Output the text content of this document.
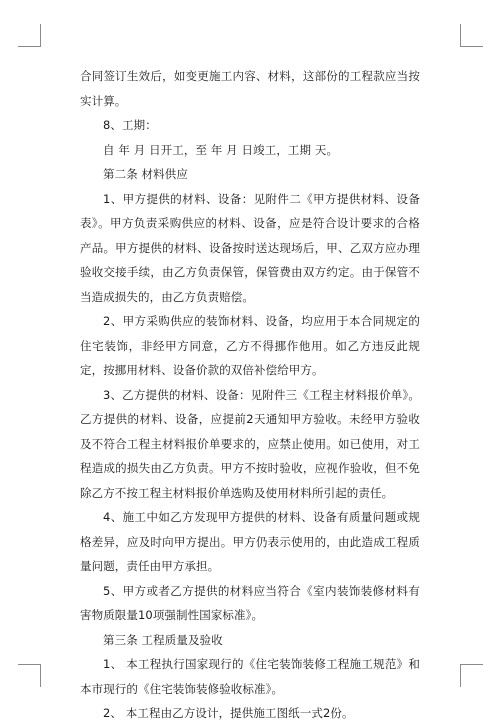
合同签订生效后，如变更施工内容、材料，这部份的工程款应当按实计算。

8、工期：

自 年 月 日开工，至 年 月 日竣工，工期 天。

第二条 材料供应

1、甲方提供的材料、设备：见附件二《甲方提供材料、设备表》。甲方负责采购供应的材料、设备，应是符合设计要求的合格产品。甲方提供的材料、设备按时送达现场后，甲、乙双方应办理验收交接手续，由乙方负责保管，保管费由双方约定。由于保管不当造成损失的，由乙方负责赔偿。

2、甲方采购供应的装饰材料、设备，均应用于本合同规定的住宅装饰，非经甲方同意，乙方不得挪作他用。如乙方违反此规定，按挪用材料、设备价款的双倍补偿给甲方。

3、乙方提供的材料、设备：见附件三《工程主材料报价单》。乙方提供的材料、设备，应提前2天通知甲方验收。未经甲方验收及不符合工程主材料报价单要求的，应禁止使用。如已使用，对工程造成的损失由乙方负责。甲方不按时验收，应视作验收，但不免除乙方不按工程主材料报价单选购及使用材料所引起的责任。

4、施工中如乙方发现甲方提供的材料、设备有质量问题或规格差异，应及时向甲方提出。甲方仍表示使用的，由此造成工程质量问题，责任由甲方承担。

5、甲方或者乙方提供的材料应当符合《室内装饰装修材料有害物质限量10项强制性国家标准》。

第三条 工程质量及验收

1、 本工程执行国家现行的《住宅装饰装修工程施工规范》和本市现行的《住宅装饰装修验收标准》。

2、 本工程由乙方设计，提供施工图纸一式2份。
